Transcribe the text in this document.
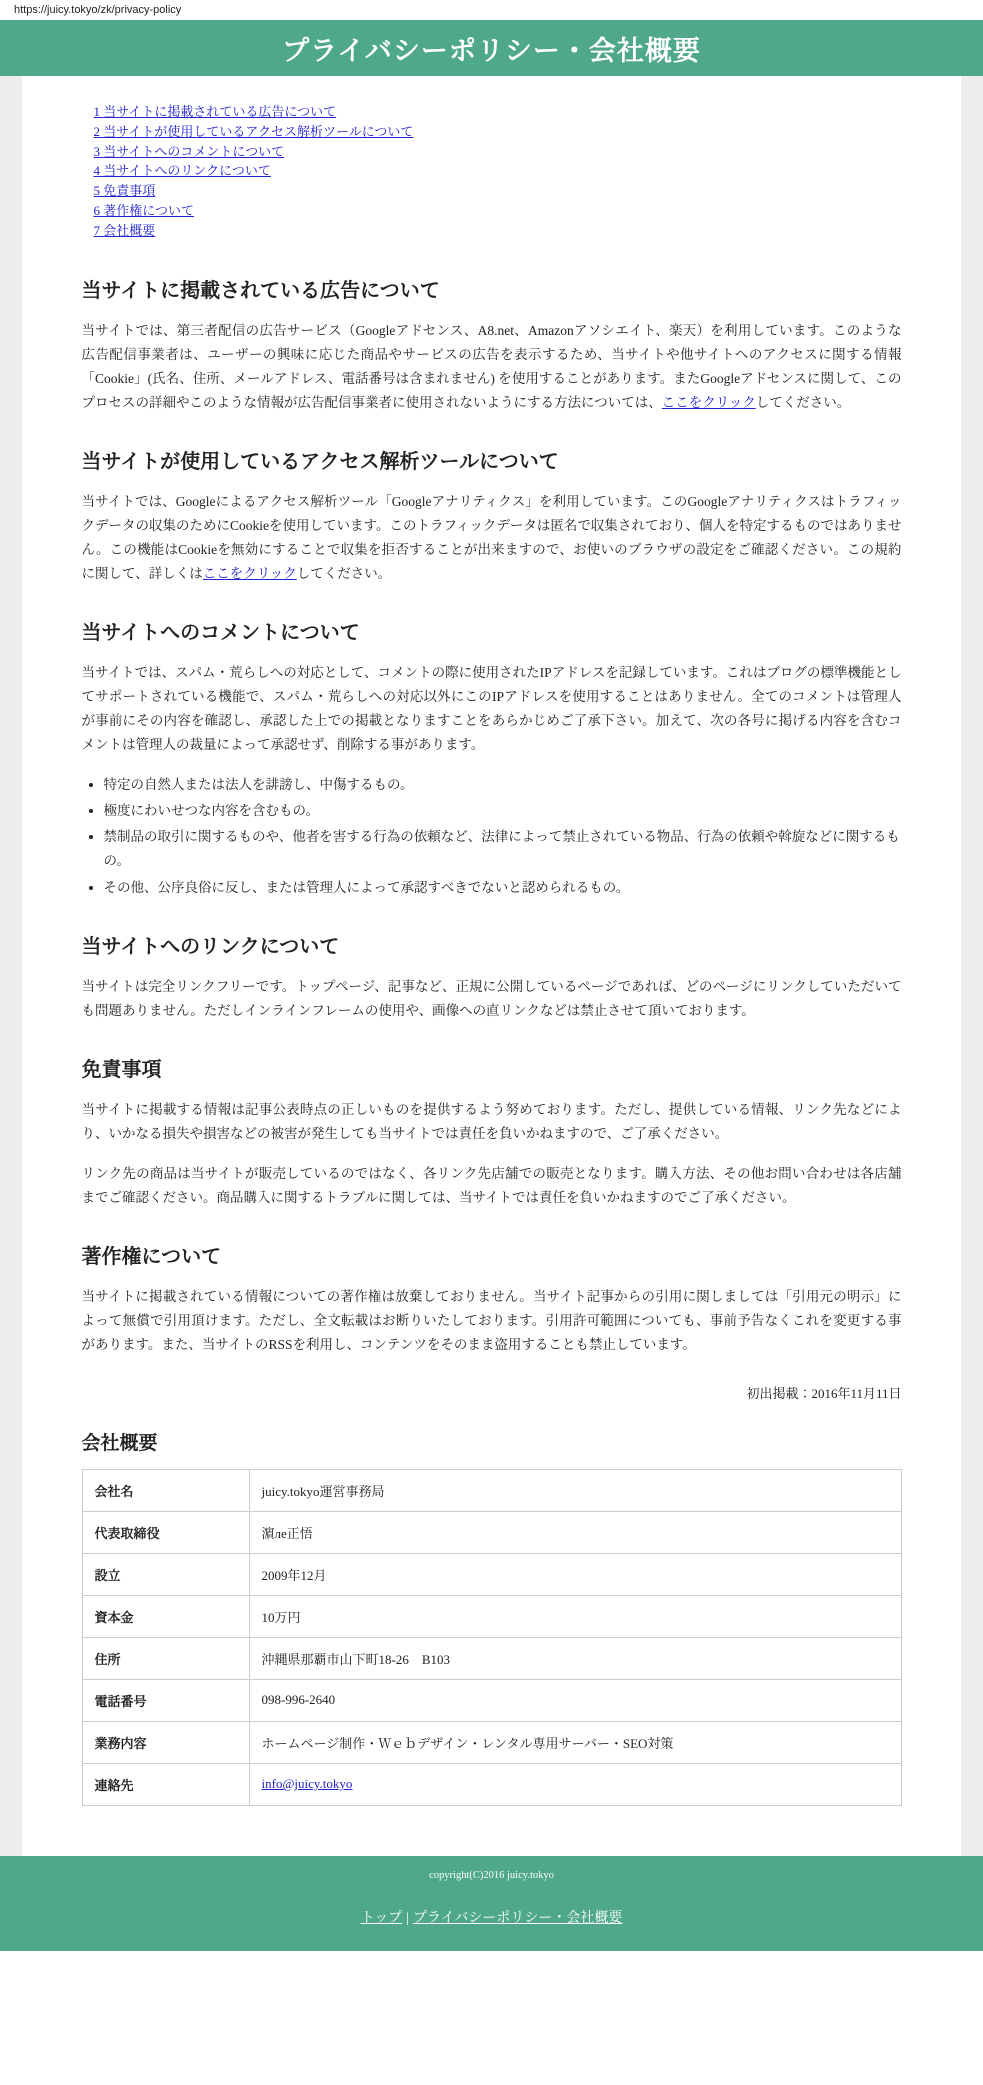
https://juicy.tokyo/zk/privacy-policy
プライバシーポリシー・会社概要
1 当サイトに掲載されている広告について
2 当サイトが使用しているアクセス解析ツールについて
3 当サイトへのコメントについて
4 当サイトへのリンクについて
5 免責事項
6 著作権について
7 会社概要
当サイトに掲載されている広告について

当サイトでは、第三者配信の広告サービス（Googleアドセンス、A8.net、Amazonアソシエイト、楽天）を利用しています。このような広告配信事業者は、ユーザーの興味に応じた商品やサービスの広告を表示するため、当サイトや他サイトへのアクセスに関する情報「Cookie」(氏名、住所、メールアドレス、電話番号は含まれません) を使用することがあります。またGoogleアドセンスに関して、このプロセスの詳細やこのような情報が広告配信事業者に使用されないようにする方法については、ここをクリックしてください。

当サイトが使用しているアクセス解析ツールについて

当サイトでは、Googleによるアクセス解析ツール「Googleアナリティクス」を利用しています。このGoogleアナリティクスはトラフィックデータの収集のためにCookieを使用しています。このトラフィックデータは匿名で収集されており、個人を特定するものではありません。この機能はCookieを無効にすることで収集を拒否することが出来ますので、お使いのブラウザの設定をご確認ください。この規約に関して、詳しくはここをクリックしてください。

当サイトへのコメントについて

当サイトでは、スパム・荒らしへの対応として、コメントの際に使用されたIPアドレスを記録しています。これはブログの標準機能としてサポートされている機能で、スパム・荒らしへの対応以外にこのIPアドレスを使用することはありません。全てのコメントは管理人が事前にその内容を確認し、承認した上での掲載となりますことをあらかじめご了承下さい。加えて、次の各号に掲げる内容を含むコメントは管理人の裁量によって承認せず、削除する事があります。

• 特定の自然人または法人を誹謗し、中傷するもの。
• 極度にわいせつな内容を含むもの。
• 禁制品の取引に関するものや、他者を害する行為の依頼など、法律によって禁止されている物品、行為の依頼や斡旋などに関するもの。
• その他、公序良俗に反し、または管理人によって承認すべきでないと認められるもの。
当サイトへのリンクについて

当サイトは完全リンクフリーです。トップページ、記事など、正規に公開しているページであれば、どのページにリンクしていただいても問題ありません。ただしインラインフレームの使用や、画像への直リンクなどは禁止させて頂いております。

免責事項

当サイトに掲載する情報は記事公表時点の正しいものを提供するよう努めております。ただし、提供している情報、リンク先などにより、いかなる損失や損害などの被害が発生しても当サイトでは責任を負いかねますので、ご了承ください。

リンク先の商品は当サイトが販売しているのではなく、各リンク先店舗での販売となります。購入方法、その他お問い合わせは各店舗までご確認ください。商品購入に関するトラブルに関しては、当サイトでは責任を負いかねますのでご了承ください。

著作権について

当サイトに掲載されている情報についての著作権は放棄しておりません。当サイト記事からの引用に関しましては「引用元の明示」によって無償で引用頂けます。ただし、全文転載はお断りいたしております。引用許可範囲についても、事前予告なくこれを変更する事があります。また、当サイトのRSSを利用し、コンテンツをそのまま盗用することも禁止しています。

初出掲載：2016年11月11日
会社概要
会社名	juicy.tokyo運営事務局
代表取締役	濵ле正悟
設立	2009年12月
資本金	10万円
住所	沖縄県那覇市山下町18-26　B103
電話番号	098-996-2640
業務内容	ホームページ制作・Ｗｅｂデザイン・レンタル専用サーバー・SEO対策
連絡先	info@juicy.tokyo
copyright(C)2016 juicy.tokyo
トップ | プライバシーポリシー・会社概要
